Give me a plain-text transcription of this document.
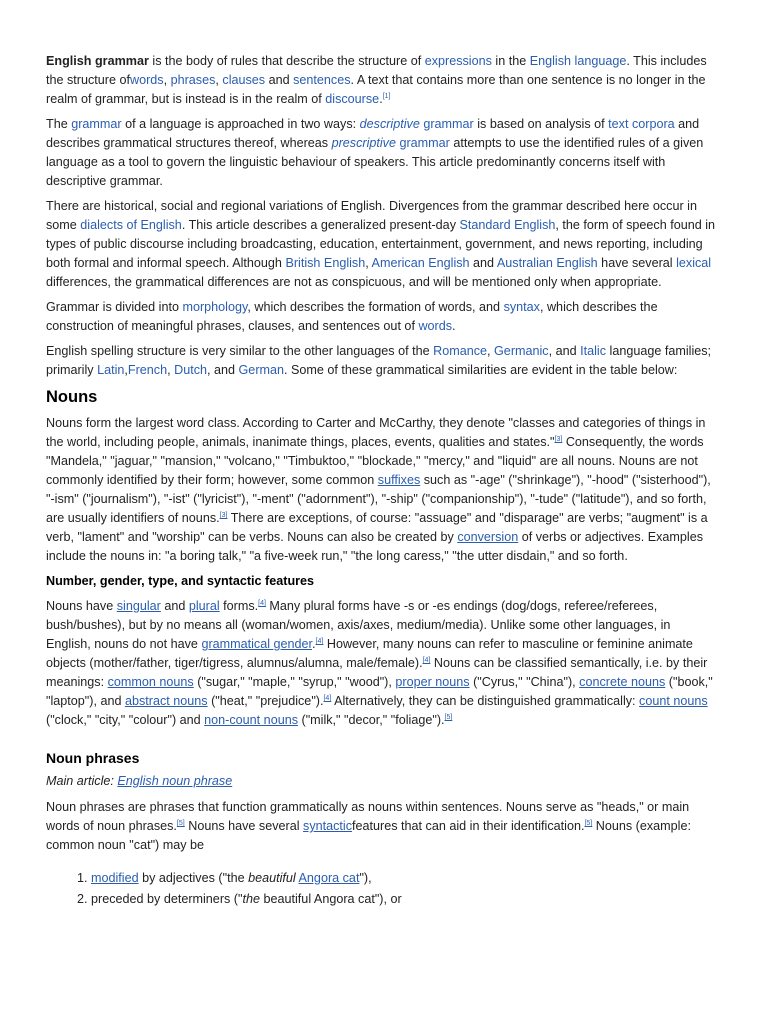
English grammar is the body of rules that describe the structure of expressions in the English language. This includes the structure ofwords, phrases, clauses and sentences. A text that contains more than one sentence is no longer in the realm of grammar, but is instead is in the realm of discourse.[1]

The grammar of a language is approached in two ways: descriptive grammar is based on analysis of text corpora and describes grammatical structures thereof, whereas prescriptive grammar attempts to use the identified rules of a given language as a tool to govern the linguistic behaviour of speakers. This article predominantly concerns itself with descriptive grammar.

There are historical, social and regional variations of English. Divergences from the grammar described here occur in some dialects of English. This article describes a generalized present-day Standard English, the form of speech found in types of public discourse including broadcasting, education, entertainment, government, and news reporting, including both formal and informal speech. Although British English, American English and Australian English have several lexical differences, the grammatical differences are not as conspicuous, and will be mentioned only when appropriate.

Grammar is divided into morphology, which describes the formation of words, and syntax, which describes the construction of meaningful phrases, clauses, and sentences out of words.

English spelling structure is very similar to the other languages of the Romance, Germanic, and Italic language families; primarily Latin,French, Dutch, and German. Some of these grammatical similarities are evident in the table below:

Nouns

Nouns form the largest word class. According to Carter and McCarthy, they denote "classes and categories of things in the world, including people, animals, inanimate things, places, events, qualities and states."[3] Consequently, the words "Mandela," "jaguar," "mansion," "volcano," "Timbuktoo," "blockade," "mercy," and "liquid" are all nouns. Nouns are not commonly identified by their form; however, some common suffixes such as "-age" ("shrinkage"), "-hood" ("sisterhood"), "-ism" ("journalism"), "-ist" ("lyricist"), "-ment" ("adornment"), "-ship" ("companionship"), "-tude" ("latitude"), and so forth, are usually identifiers of nouns.[3] There are exceptions, of course: "assuage" and "disparage" are verbs; "augment" is a verb, "lament" and "worship" can be verbs. Nouns can also be created by conversion of verbs or adjectives. Examples include the nouns in: "a boring talk," "a five-week run," "the long caress," "the utter disdain," and so forth.

Number, gender, type, and syntactic features

Nouns have singular and plural forms.[4] Many plural forms have -s or -es endings (dog/dogs, referee/referees, bush/bushes), but by no means all (woman/women, axis/axes, medium/media). Unlike some other languages, in English, nouns do not have grammatical gender.[4] However, many nouns can refer to masculine or feminine animate objects (mother/father, tiger/tigress, alumnus/alumna, male/female).[4] Nouns can be classified semantically, i.e. by their meanings: common nouns ("sugar," "maple," "syrup," "wood"), proper nouns ("Cyrus," "China"), concrete nouns ("book," "laptop"), and abstract nouns ("heat," "prejudice").[4] Alternatively, they can be distinguished grammatically: count nouns ("clock," "city," "colour") and non-count nouns ("milk," "decor," "foliage").[5]

Noun phrases
Main article: English noun phrase

Noun phrases are phrases that function grammatically as nouns within sentences. Nouns serve as "heads," or main words of noun phrases.[5] Nouns have several syntacticfeatures that can aid in their identification.[5] Nouns (example: common noun "cat") may be

1. modified by adjectives ("the beautiful Angora cat"),
2. preceded by determiners ("the beautiful Angora cat"), or
